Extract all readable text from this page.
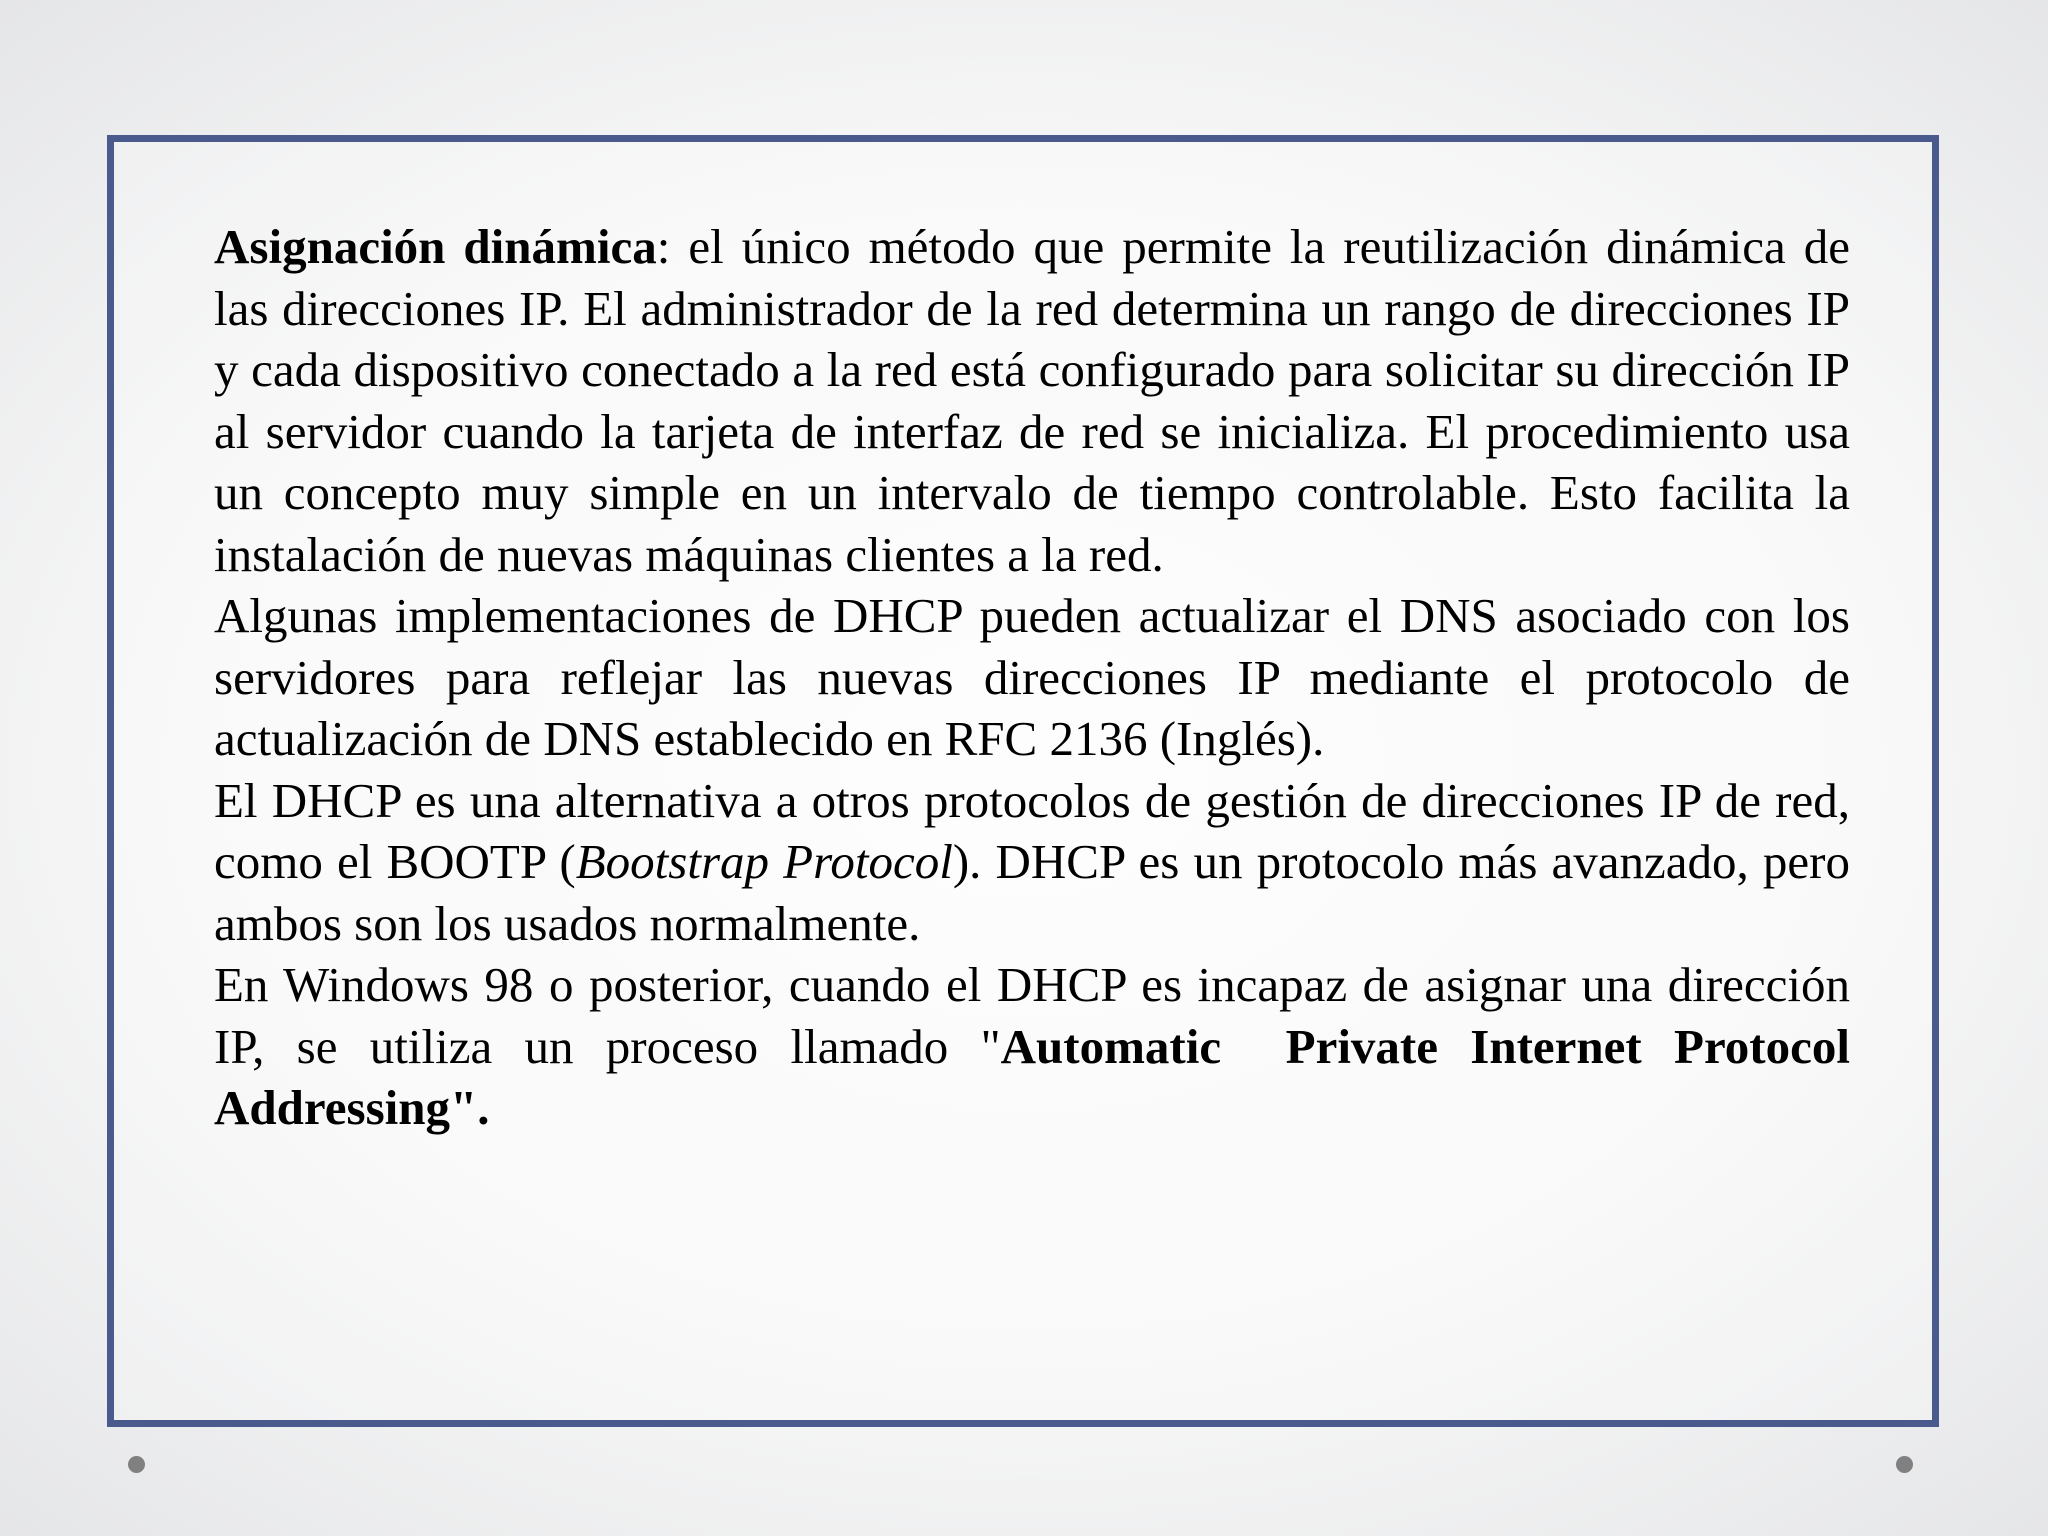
Asignación dinámica: el único método que permite la reutilización dinámica de las direcciones IP. El administrador de la red determina un rango de direcciones IP y cada dispositivo conectado a la red está configurado para solicitar su dirección IP al servidor cuando la tarjeta de interfaz de red se inicializa. El procedimiento usa un concepto muy simple en un intervalo de tiempo controlable. Esto facilita la instalación de nuevas máquinas clientes a la red.

Algunas implementaciones de DHCP pueden actualizar el DNS asociado con los servidores para reflejar las nuevas direcciones IP mediante el protocolo de actualización de DNS establecido en RFC 2136 (Inglés).

El DHCP es una alternativa a otros protocolos de gestión de direcciones IP de red, como el BOOTP (Bootstrap Protocol). DHCP es un protocolo más avanzado, pero ambos son los usados normalmente.

En Windows 98 o posterior, cuando el DHCP es incapaz de asignar una dirección IP, se utiliza un proceso llamado "Automatic  Private Internet Protocol Addressing".
